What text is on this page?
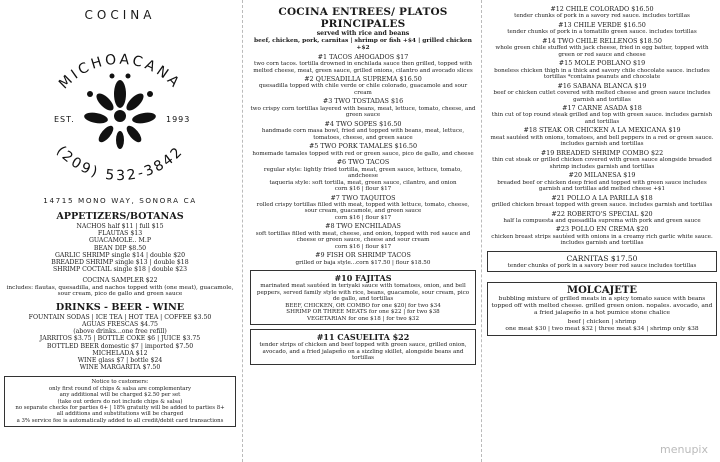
COCINA
MICHOACANA
(209) 532-3842
EST.	1993
14715 MONO WAY, SONORA CA
APPETIZERS/BOTANAS
NACHOS half $11 | full $15
FLAUTAS $13
GUACAMOLE.. M.P
BEAN DIP $8.50
GARLIC SHRIMP single $14 | double $20
BREADED SHRIMP single $13 | double $18
SHRIMP COCTAIL single $18 | double $23
COCINA SAMPLER $22
includes: flautas, quesadilla, and nachos topped with (one meat), guacamole, sour cream, pico de gallo and green sauce
DRINKS - BEER - WINE
FOUNTAIN SODAS | ICE TEA | HOT TEA | COFFEE $3.50
AGUAS FRESCAS $4.75
(above drinks...one free refill)
JARRITOS $3.75 | BOTTLE COKE $6 | JUICE $3.75
BOTTLED BEER domestic $7 | imported $7.50
MICHELADA $12
WINE glass $7 | bottle $24
WINE MARGARITA $7.50
Notice to customers:
only first round of chips & salsa are complementary
any additional will be charged $2.50 per set
(take out orders do not include chips & salsa)
no separate checks for parties 6+ | 18% gratuity will be added to parties 8+
all additions and substitutions will be charged
a 3% service fee is automatically added to all credit/debit card transactions
COCINA ENTREES/ PLATOS PRINCIPALES
served with rice and beans
beef, chicken, pork, carnitas | shrimp or fish +$4 | grilled chicken +$2
#1 TACOS AHOGADOS $17
two corn tacos. tortilla drowned in enchilada sauce then grilled, topped with melted cheese, meat, green sauce, grilled onions, cilantro and avocado slices
#2 QUESADILLA SUPREMA $16.50
quesadilla topped with chile verde or chile colorado, guacamole and sour cream
#3 TWO TOSTADAS $16
two crispy corn tortillas layered with beans, meat, lettuce, tomato, cheese, and green sauce
#4 TWO SOPES $16.50
handmade corn masa bowl, fried and topped with beans, meat, lettuce, tomatoes, cheese, and green sauce
#5 TWO PORK TAMALES $16.50
homemade tamales topped with red or green sauce, pico de gallo, and cheese
#6 TWO TACOS
regular style: lightly fried tortilla, meat, green sauce, lettuce, tomato, andcheese
taqueria style: soft tortilla, meat, green sauce, cilantro, and onion
corn $16 | flour $17
#7 TWO TAQUITOS
rolled crispy tortillas filled with meat, topped with lettuce, tomato, cheese, sour cream, guacamole, and green sauce
corn $16 | flour $17
#8 TWO ENCHILADAS
soft tortillas filled with meat, cheese, and onion, topped with red sauce and cheese or green sauce, cheese and sour cream
corn $16 | flour $17
#9 FISH OR SHRIMP TACOS
grilled or baja style...corn $17.50 | flour $18.50
#10 FAJITAS
marinated meat sautéed in teriyaki sauce with tomatoes, onion, and bell peppers, served family style with rice, beans, guacamole, sour cream, pico de gallo, and tortillas
BEEF, CHICKEN, OR COMBO for one $20| for two $34
SHRIMP OR THREE MEATS for one $22 | for two $38
VEGETARIAN for one $18 | for two $32
#11 CASUELITA $22
tender strips of chicken and beef topped with green sauce, grilled onion, avocado, and a fried jalapeño on a sizzling skillet, alongside beans and tortillas
#12 CHILE COLORADO $16.50
tender chunks of pork in a savory red sauce. includes tortillas
#13 CHILE VERDE $16.50
tender chunks of pork in a tomatillo green sauce. includes tortillas
#14 TWO CHILE RELLENOS $18.50
whole green chile stuffed with jack cheese, fried in egg batter, topped with green or red sauce and cheese
#15 MOLE POBLANO $19
boneless chicken thigh in a thick and savory chile chocolate sauce. includes tortillas *contains peanuts and chocolate
#16 SABANA BLANCA $19
beef or chicken cutlet covered with melted cheese and green sauce includes garnish and tortillas
#17 CARNE ASADA $18
thin cut of top round steak grilled and top with green sauce. includes garnish and tortillas
#18 STEAK OR CHICKEN A LA MEXICANA $19
meat sautéed with onions, tomatoes, and bell peppers in a red or green sauce. includes garnish and tortillas
#19 BREADED SHRIMP COMBO $22
thin cut steak or grilled chicken covered with green sauce alongside breaded shrimp includes garnish and tortillas
#20 MILANESA $19
breaded beef or chicken deep fried and topped with green sauce includes garnish and tortillas add melted cheese +$1
#21 POLLO A LA PARILLA $18
grilled chicken breast topped with green sauce. includes garnish and tortillas
#22 ROBERTO'S SPECIAL $20
half la compuesta and quesadilla suprema with pork and green sauce
#23 POLLO EN CREMA $20
chicken breast strips sautéed with onions in a creamy rich garlic white sauce. includes garnish and tortillas
CARNITAS $17.50
tender chunks of pork in a savory beer red sauce includes tortillas
MOLCAJETE
bubbling mixture of grilled meats in a spicy tomato sauce with beans topped off with melted cheese. grilled green onion. nopales. avocado, and a fried jalapeño in a hot pumice stone chalice
beef | chicken | shrimp
one meat $30 | two meat $32 | three meat $34 | shrimp only $38
menupix
